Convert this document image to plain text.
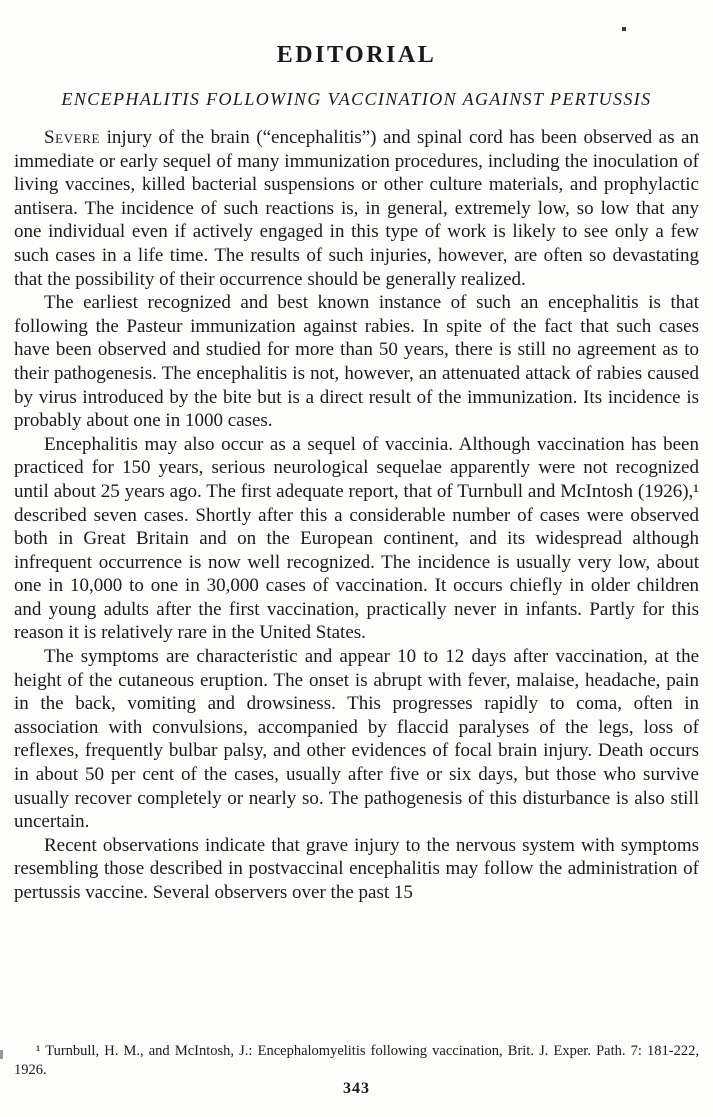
EDITORIAL
ENCEPHALITIS FOLLOWING VACCINATION AGAINST PERTUSSIS

Severe injury of the brain (“encephalitis”) and spinal cord has been observed as an immediate or early sequel of many immunization procedures, including the inoculation of living vaccines, killed bacterial suspensions or other culture materials, and prophylactic antisera. The incidence of such reactions is, in general, extremely low, so low that any one individual even if actively engaged in this type of work is likely to see only a few such cases in a life time. The results of such injuries, however, are often so devastating that the possibility of their occurrence should be generally realized.

The earliest recognized and best known instance of such an encephalitis is that following the Pasteur immunization against rabies. In spite of the fact that such cases have been observed and studied for more than 50 years, there is still no agreement as to their pathogenesis. The encephalitis is not, however, an attenuated attack of rabies caused by virus introduced by the bite but is a direct result of the immunization. Its incidence is probably about one in 1000 cases.

Encephalitis may also occur as a sequel of vaccinia. Although vaccination has been practiced for 150 years, serious neurological sequelae apparently were not recognized until about 25 years ago. The first adequate report, that of Turnbull and McIntosh (1926),¹ described seven cases. Shortly after this a considerable number of cases were observed both in Great Britain and on the European continent, and its widespread although infrequent occurrence is now well recognized. The incidence is usually very low, about one in 10,000 to one in 30,000 cases of vaccination. It occurs chiefly in older children and young adults after the first vaccination, practically never in infants. Partly for this reason it is relatively rare in the United States.

The symptoms are characteristic and appear 10 to 12 days after vaccination, at the height of the cutaneous eruption. The onset is abrupt with fever, malaise, headache, pain in the back, vomiting and drowsiness. This progresses rapidly to coma, often in association with convulsions, accompanied by flaccid paralyses of the legs, loss of reflexes, frequently bulbar palsy, and other evidences of focal brain injury. Death occurs in about 50 per cent of the cases, usually after five or six days, but those who survive usually recover completely or nearly so. The pathogenesis of this disturbance is also still uncertain.

Recent observations indicate that grave injury to the nervous system with symptoms resembling those described in postvaccinal encephalitis may follow the administration of pertussis vaccine. Several observers over the past 15

¹ Turnbull, H. M., and McIntosh, J.: Encephalomyelitis following vaccination, Brit. J. Exper. Path. 7: 181-222, 1926.
343
